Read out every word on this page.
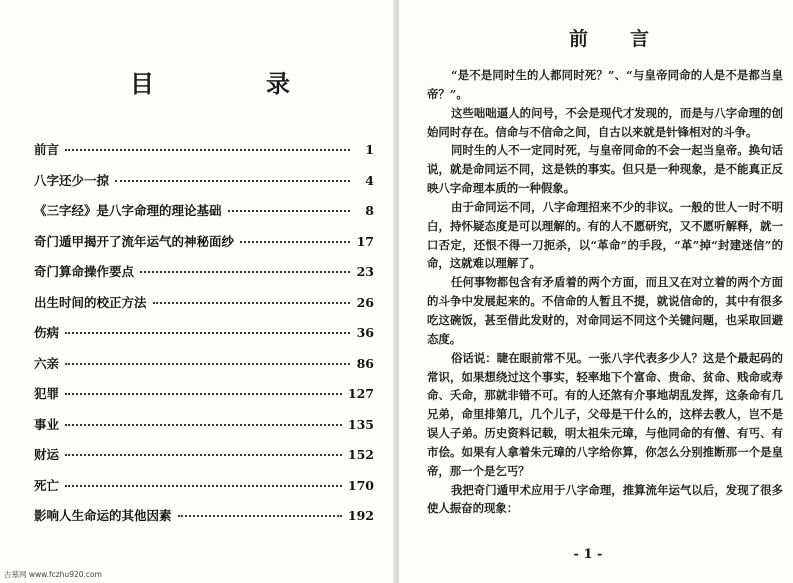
目	录
前言	1
八字还少一掠	4
《三字经》是八字命理的理论基础	8
奇门遁甲揭开了流年运气的神秘面纱	17
奇门算命操作要点	23
出生时间的校正方法	26
伤病	36
六亲	86
犯罪	127
事业	135
财运	152
死亡	170
影响人生命运的其他因素	192
前 言

“是不是同时生的人都同时死？”、“与皇帝同命的人是不是都当皇帝？”。

这些咄咄逼人的问号，不会是现代才发现的，而是与八字命理的创始同时存在。信命与不信命之间，自古以来就是针锋相对的斗争。

同时生的人不一定同时死，与皇帝同命的不会一起当皇帝。换句话说，就是命同运不同，这是铁的事实。但只是一种现象，是不能真正反映八字命理本质的一种假象。

由于命同运不同，八字命理招来不少的非议。一般的世人一时不明白，持怀疑态度是可以理解的。有的人不愿研究，又不愿听解释，就一口否定，还恨不得一刀扼杀，以“革命”的手段，“革”掉“封建迷信”的命，这就难以理解了。

任何事物都包含有矛盾着的两个方面，而且又在对立着的两个方面的斗争中发展起来的。不信命的人暂且不提，就说信命的，其中有很多吃这碗饭，甚至借此发财的，对命同运不同这个关键问题，也采取回避态度。

俗话说：睫在眼前常不见。一张八字代表多少人？这是个最起码的常识，如果想绕过这个事实，轻率地下个富命、贵命、贫命、贱命或寿命、夭命，那就非错不可。有的人还煞有介事地胡乱发挥，这条命有几兄弟，命里排第几，几个儿子，父母是干什么的，这样去教人，岂不是误人子弟。历史资料记载，明太祖朱元璋，与他同命的有僧、有丐、有市侩。如果有人拿着朱元璋的八字给你算，你怎么分别推断那一个是皇帝，那一个是乞丐？

我把奇门遁甲术应用于八字命理，推算流年运气以后，发现了很多使人振奋的现象：

- 1 -
古墓网 www.fczhu920.com
